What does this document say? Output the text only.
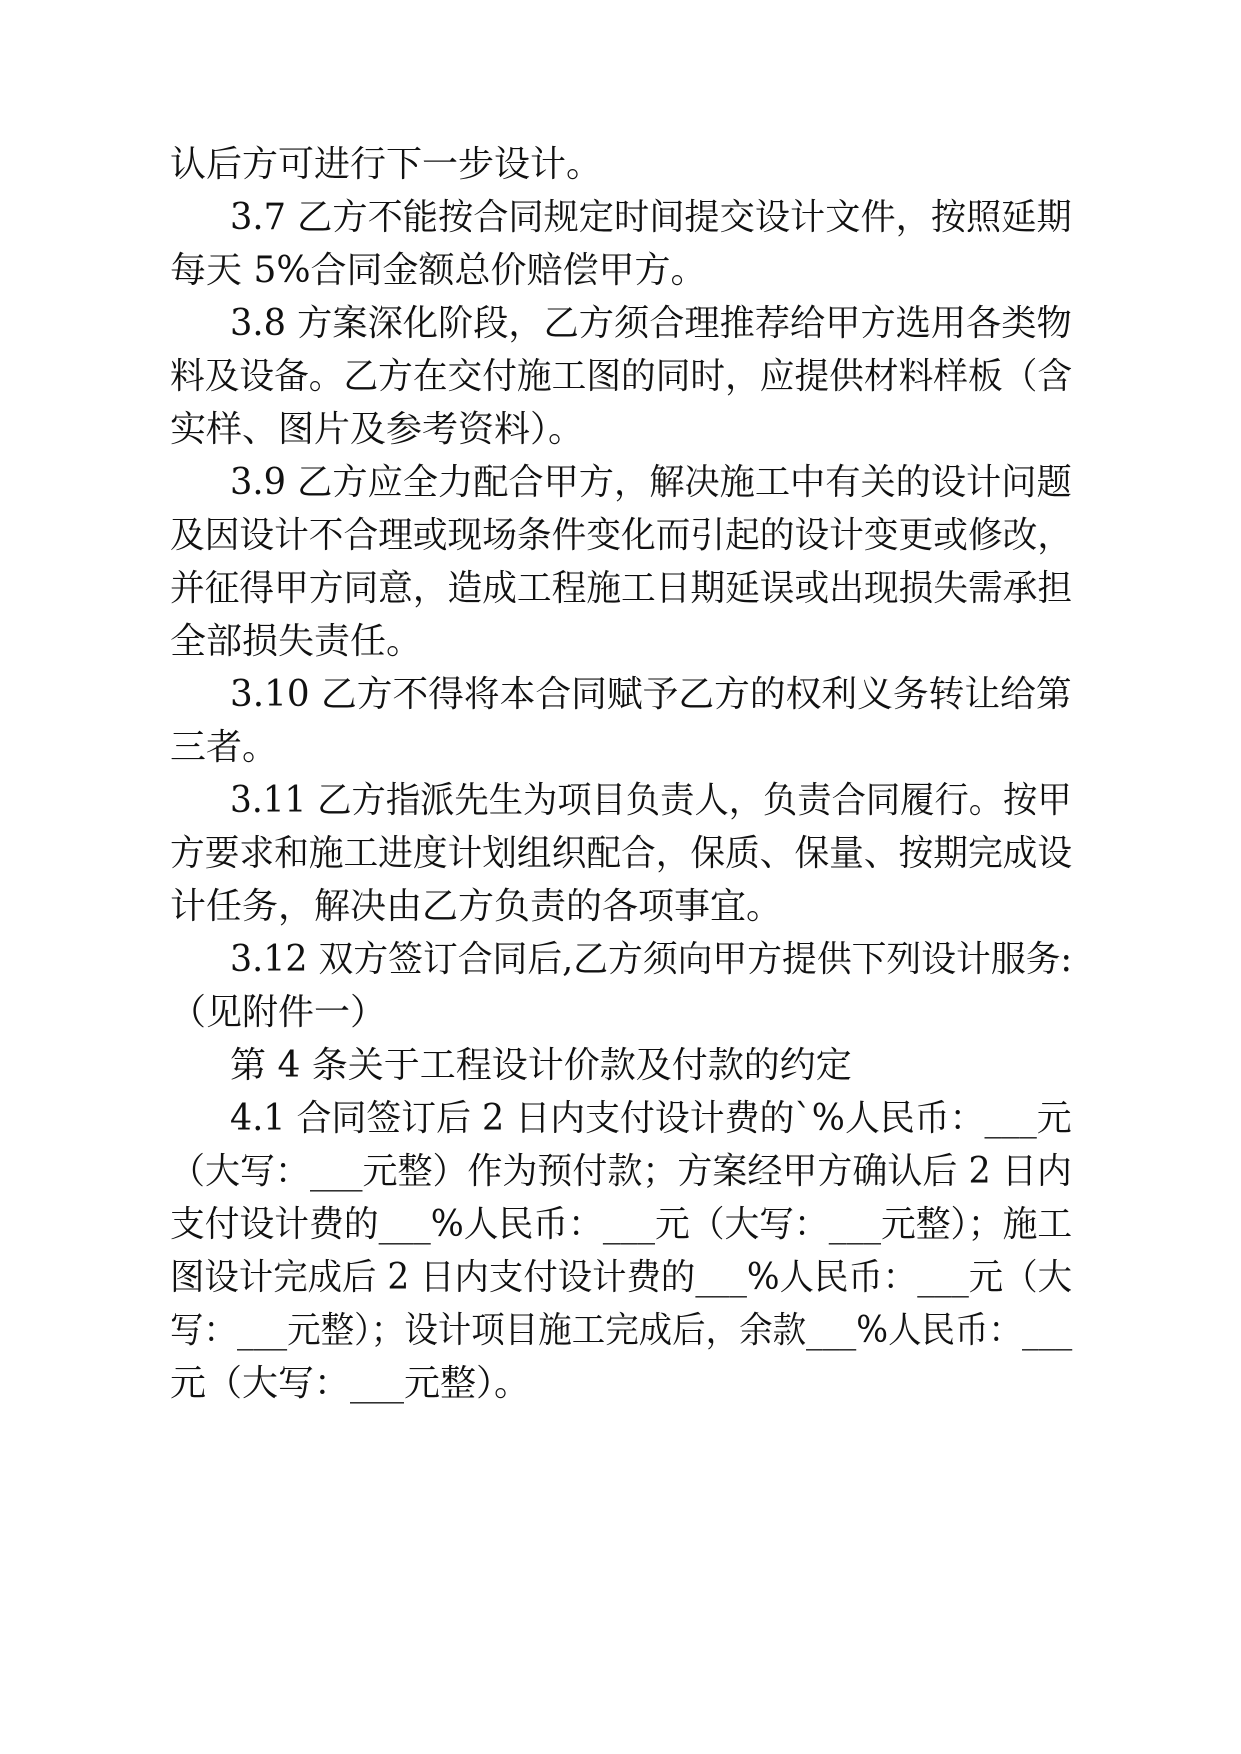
认后方可进行下一步设计。
3.7 乙方不能按合同规定时间提交设计文件，按照延期
每天 5%合同金额总价赔偿甲方。
3.8 方案深化阶段，乙方须合理推荐给甲方选用各类物
料及设备。乙方在交付施工图的同时，应提供材料样板（含
实样、图片及参考资料）。
3.9 乙方应全力配合甲方，解决施工中有关的设计问题
及因设计不合理或现场条件变化而引起的设计变更或修改，
并征得甲方同意，造成工程施工日期延误或出现损失需承担
全部损失责任。
3.10 乙方不得将本合同赋予乙方的权利义务转让给第
三者。
3.11 乙方指派先生为项目负责人，负责合同履行。按甲
方要求和施工进度计划组织配合，保质、保量、按期完成设
计任务，解决由乙方负责的各项事宜。
3.12 双方签订合同后,乙方须向甲方提供下列设计服务:
（见附件一）
第 4 条关于工程设计价款及付款的约定
4.1 合同签订后 2 日内支付设计费的`%人民币：___元
（大写：___元整）作为预付款；方案经甲方确认后 2 日内
支付设计费的___%人民币：___元（大写：___元整）；施工
图设计完成后 2 日内支付设计费的___%人民币：___元（大
写：___元整）；设计项目施工完成后，余款___%人民币：___
元（大写：___元整）。
